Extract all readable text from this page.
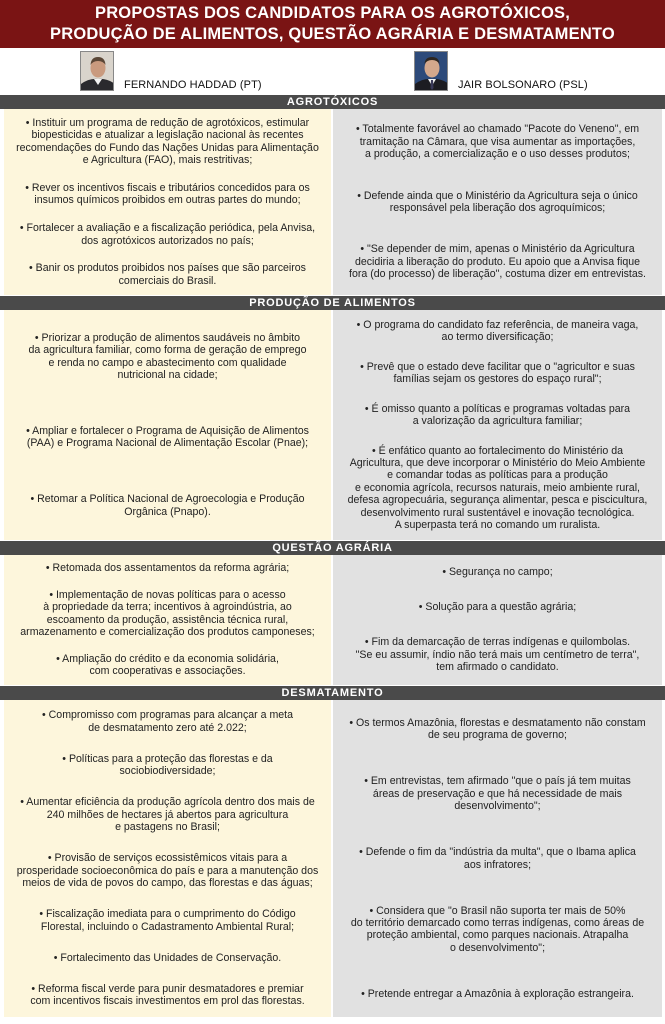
PROPOSTAS DOS CANDIDATOS PARA OS AGROTÓXICOS,
PRODUÇÃO DE ALIMENTOS, QUESTÃO AGRÁRIA E DESMATAMENTO
FERNANDO HADDAD (PT)	JAIR BOLSONARO (PSL)
AGROTÓXICOS
• Instituir um programa de redução de agrotóxicos, estimular
biopesticidas e atualizar a legislação nacional às recentes
recomendações do Fundo das Nações Unidas para Alimentação
e Agricultura (FAO), mais restritivas;
• Rever os incentivos fiscais e tributários concedidos para os
insumos químicos proibidos em outras partes do mundo;
• Fortalecer a avaliação e a fiscalização periódica, pela Anvisa,
dos agrotóxicos autorizados no país;
• Banir os produtos proibidos nos países que são parceiros
comerciais do Brasil.
• Totalmente favorável ao chamado "Pacote do Veneno", em
tramitação na Câmara, que visa aumentar as importações,
a produção, a comercialização e o uso desses produtos;
• Defende ainda que o Ministério da Agricultura seja o único
responsável pela liberação dos agroquímicos;
• "Se depender de mim, apenas o Ministério da Agricultura
decidiria a liberação do produto. Eu apoio que a Anvisa fique
fora (do processo) de liberação", costuma dizer em entrevistas.
PRODUÇÃO DE ALIMENTOS
• Priorizar a produção de alimentos saudáveis no âmbito
da agricultura familiar, como forma de geração de emprego
e renda no campo e abastecimento com qualidade
nutricional na cidade;
• Ampliar e fortalecer o Programa de Aquisição de Alimentos
(PAA) e Programa Nacional de Alimentação Escolar (Pnae);
• Retomar a Política Nacional de Agroecologia e Produção
Orgânica (Pnapo).
• O programa do candidato faz referência, de maneira vaga,
ao termo diversificação;
• Prevê que o estado deve facilitar que o "agricultor e suas
famílias sejam os gestores do espaço rural";
• É omisso quanto a políticas e programas voltadas para
a valorização da agricultura familiar;
• É enfático quanto ao fortalecimento do Ministério da
Agricultura, que deve incorporar o Ministério do Meio Ambiente
e comandar todas as políticas para a produção
e economia agrícola, recursos naturais, meio ambiente rural,
defesa agropecuária, segurança alimentar, pesca e piscicultura,
desenvolvimento rural sustentável e inovação tecnológica.
A superpasta terá no comando um ruralista.
QUESTÃO AGRÁRIA
• Retomada dos assentamentos da reforma agrária;
• Implementação de novas políticas para o acesso
à propriedade da terra; incentivos à agroindústria, ao
escoamento da produção, assistência técnica rural,
armazenamento e comercialização dos produtos camponeses;
• Ampliação do crédito e da economia solidária,
com cooperativas e associações.
• Segurança no campo;
• Solução para a questão agrária;
• Fim da demarcação de terras indígenas e quilombolas.
"Se eu assumir, índio não terá mais um centímetro de terra",
tem afirmado o candidato.
DESMATAMENTO
• Compromisso com programas para alcançar a meta
de desmatamento zero até 2.022;
• Políticas para a proteção das florestas e da
sociobiodiversidade;
• Aumentar eficiência da produção agrícola dentro dos mais de
240 milhões de hectares já abertos para agricultura
e pastagens no Brasil;
• Provisão de serviços ecossistêmicos vitais para a
prosperidade socioeconômica do país e para a manutenção dos
meios de vida de povos do campo, das florestas e das águas;
• Fiscalização imediata para o cumprimento do Código
Florestal, incluindo o Cadastramento Ambiental Rural;
• Fortalecimento das Unidades de Conservação.
• Reforma fiscal verde para punir desmatadores e premiar
com incentivos fiscais investimentos em prol das florestas.
• Os termos Amazônia, florestas e desmatamento não constam
de seu programa de governo;
• Em entrevistas, tem afirmado "que o país já tem muitas
áreas de preservação e que há necessidade de mais
desenvolvimento";
• Defende o fim da "indústria da multa", que o Ibama aplica
aos infratores;
• Considera que "o Brasil não suporta ter mais de 50%
do território demarcado como terras indígenas, como áreas de
proteção ambiental, como parques nacionais. Atrapalha
o desenvolvimento";
• Pretende entregar a Amazônia à exploração estrangeira.
